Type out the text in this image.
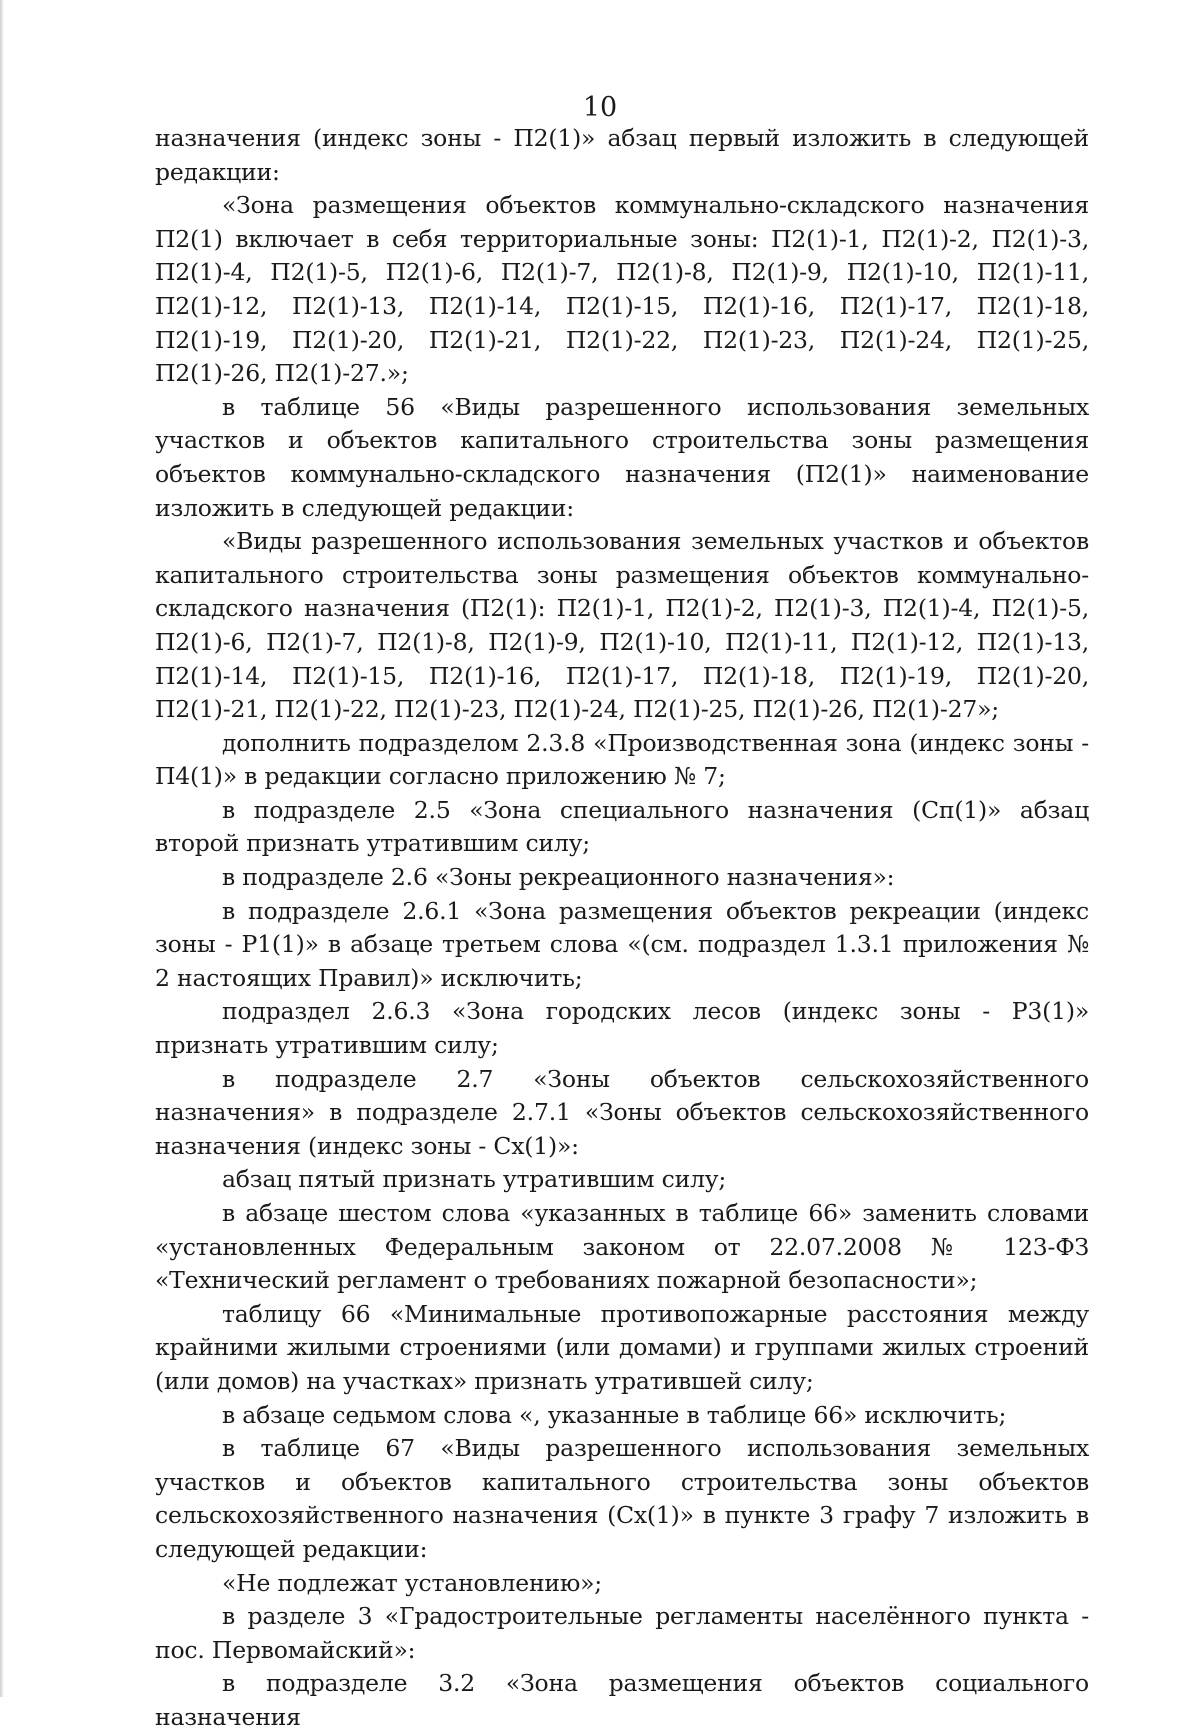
10

назначения (индекс зоны - П2(1)» абзац первый изложить в следующей редакции:

«Зона размещения объектов коммунально-складского назначения П2(1) включает в себя территориальные зоны: П2(1)-1, П2(1)-2, П2(1)-3, П2(1)-4, П2(1)-5, П2(1)-6, П2(1)-7, П2(1)-8, П2(1)-9, П2(1)-10, П2(1)-11, П2(1)-12, П2(1)-13, П2(1)-14, П2(1)-15, П2(1)-16, П2(1)-17, П2(1)-18, П2(1)-19, П2(1)-20, П2(1)-21, П2(1)-22, П2(1)-23, П2(1)-24, П2(1)-25, П2(1)-26, П2(1)-27.»;

в таблице 56 «Виды разрешенного использования земельных участков и объектов капитального строительства зоны размещения объектов коммунально-складского назначения (П2(1)» наименование изложить в следующей редакции:

«Виды разрешенного использования земельных участков и объектов капитального строительства зоны размещения объектов коммунально-складского назначения (П2(1): П2(1)-1, П2(1)-2, П2(1)-3, П2(1)-4, П2(1)-5, П2(1)-6, П2(1)-7, П2(1)-8, П2(1)-9, П2(1)-10, П2(1)-11, П2(1)-12, П2(1)-13, П2(1)-14, П2(1)-15, П2(1)-16, П2(1)-17, П2(1)-18, П2(1)-19, П2(1)-20, П2(1)-21, П2(1)-22, П2(1)-23, П2(1)-24, П2(1)-25, П2(1)-26, П2(1)-27»;

дополнить подразделом 2.3.8 «Производственная зона (индекс зоны - П4(1)» в редакции согласно приложению № 7;

в подразделе 2.5 «Зона специального назначения (Сп(1)» абзац второй признать утратившим силу;

в подразделе 2.6 «Зоны рекреационного назначения»:

в подразделе 2.6.1 «Зона размещения объектов рекреации (индекс зоны - Р1(1)» в абзаце третьем слова «(см. подраздел 1.3.1 приложения № 2 настоящих Правил)» исключить;

подраздел 2.6.3 «Зона городских лесов (индекс зоны - Р3(1)» признать утратившим силу;

в подразделе 2.7 «Зоны объектов сельскохозяйственного назначения» в подразделе 2.7.1 «Зоны объектов сельскохозяйственного назначения (индекс зоны - Сх(1)»:

абзац пятый признать утратившим силу;

в абзаце шестом слова «указанных в таблице 66» заменить словами «установленных Федеральным законом от 22.07.2008 № 123-ФЗ «Технический регламент о требованиях пожарной безопасности»;

таблицу 66 «Минимальные противопожарные расстояния между крайними жилыми строениями (или домами) и группами жилых строений (или домов) на участках» признать утратившей силу;

в абзаце седьмом слова «, указанные в таблице 66» исключить;

в таблице 67 «Виды разрешенного использования земельных участков и объектов капитального строительства зоны объектов сельскохозяйственного назначения (Сх(1)» в пункте 3 графу 7 изложить в следующей редакции:

«Не подлежат установлению»;

в разделе 3 «Градостроительные регламенты населённого пункта - пос. Первомайский»:

в подразделе 3.2 «Зона размещения объектов социального назначения
